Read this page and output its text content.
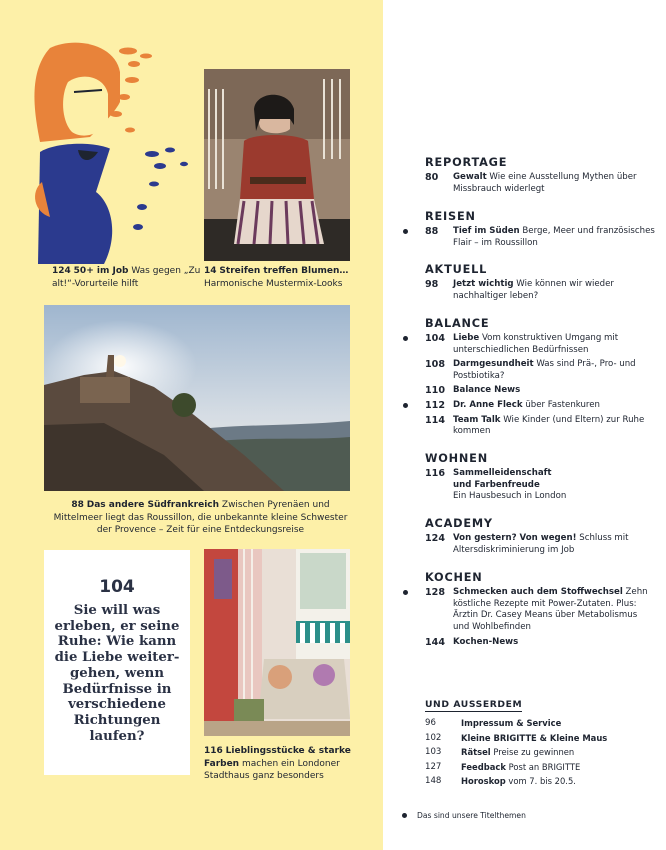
124 50+ im Job Was gegen „Zu alt!“-Vorurteile hilft
14 Streifen treffen Blumen…
Harmonische Mustermix-Looks
88 Das andere Südfrankreich Zwischen Pyrenäen und Mittelmeer liegt das Roussillon, die unbekannte kleine Schwester der Provence – Zeit für eine Entdeckungsreise
104
Sie will was erleben, er seine Ruhe: Wie kann die Liebe weiter-gehen, wenn Bedürfnisse in verschiedene Richtungen laufen?
116 Lieblingsstücke & starke Farben machen ein Londoner Stadthaus ganz besonders
REPORTAGE
80 Gewalt Wie eine Ausstellung Mythen über Missbrauch widerlegt
REISEN
88 Tief im Süden Berge, Meer und französisches Flair – im Roussillon
AKTUELL
98 Jetzt wichtig Wie können wir wieder nachhaltiger leben?
BALANCE
104 Liebe Vom konstruktiven Umgang mit unterschiedlichen Bedürfnissen
108 Darmgesundheit Was sind Prä-, Pro- und Postbiotika?
110 Balance News
112 Dr. Anne Fleck über Fastenkuren
114 Team Talk Wie Kinder (und Eltern) zur Ruhe kommen
WOHNEN
116 Sammelleidenschaft und Farbenfreude
Ein Hausbesuch in London
ACADEMY
124 Von gestern? Von wegen! Schluss mit Altersdiskriminierung im Job
KOCHEN
128 Schmecken auch dem Stoffwechsel Zehn köstliche Rezepte mit Power-Zutaten. Plus: Ärztin Dr. Casey Means über Metabolismus und Wohlbefinden
144 Kochen-News
UND AUSSERDEM
96	Impressum & Service
102 Kleine BRIGITTE & Kleine Maus
103 Rätsel Preise zu gewinnen
127 Feedback Post an BRIGITTE
148 Horoskop vom 7. bis 20.5.
Das sind unsere Titelthemen
